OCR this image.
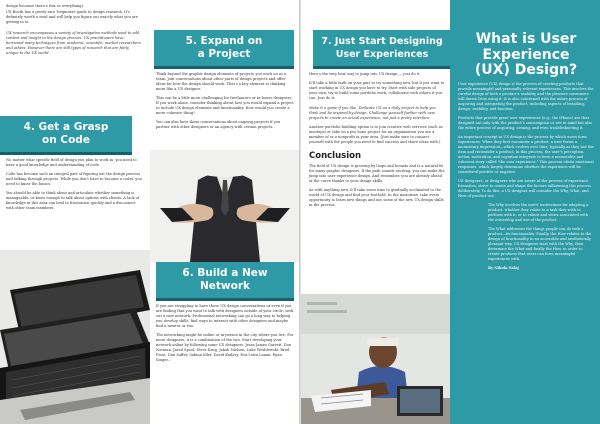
design because there's this so everything).

UX Booth has a pretty nice 'beginners guide to design research. It's definitely worth a read and will help you figure out exactly what you are getting in to.

UX research encompasses a variety of investigative methods used to add context and insight to the design process. UX practitioners have borrowed many techniques from academic, scientific, market researchers and others. However there are still types of research that are fairly unique to the UX world.

4. Get a Grasp
on Code

No matter what specific field of design you plan to work in, you need to have a good knowledge and understanding of code.

Code has become such an integral part of figuring out the design process and talking through projects. While you don't have to become a coder, you need to know the basics.

You should be able to think about and articulate whether something is manageable, or know enough to talk about options with clients. A lack of knowledge in this area can lead to frustration quickly and a disconnect with other team members.

5. Expand on
a Project

Think beyond the graphic design elements of projects you work on as a team. Join conversations about other parts of design projects and offer ideas for how the design should work. That's a key element to thinking more like a UX designer.

This can be a little more challenging for freelancers or in-house designers. If you work alone, consider thinking about how you would expand a project to include UX design elements and functionality. How would you create a more cohesive thing?

You can also have these conversations about ongoing projects if you partner with other designers or an agency with certain projects.

6. Build a New
Network

If you are struggling to have those UX design conversations or even if you are finding that you want to talk with designers outside of your circle, seek out a new network. Professional networking can go a long way to helping you develop skills, find ways to interact with other designers and maybe find a mentor or two.

The networking might be online or in-person in the city where you live. For more designers, it is a combination of the two. Start developing your network online by following some UX designers. Jesse James Garrett, Don Norman, Jared Spool, Steve Krug, Jakob Nielsen, Luke Wroblewski, Brad Frost, Dan Saffer, Sabina Idler, David Kadavy, Eva-Lotta Lamm, Ryan Singer...

7. Just Start Designing
User Experiences

Here's the very best way to jump into UX design — just do it.

It'll take a little faith on your part to try something new, but if you want to start working in UX design you have to try. Start with side projects of your own, try to build some portfolio work, collaborate with others if you can. Just do it.

Make it a game if you like. Dedicate UX an a daily project to help you think and be inspired by design. Challenge yourself further with new projects to create an actual experience, not just a pretty interface.

Another portfolio-building option is to join creative web services (such as meetups) or take on a pro bono project for an organization you are a member of or a nonprofit in your area. (Just make sure to connect yourself with the people you need to find success and share ideas with.)

Conclusion

The field of UX design is growing by leaps and bounds and is a natural fit for many graphic designers. If the path sounds exciting, you can make the jump into user experience design. And remember, you are already ahead of the curve thanks to your design skills.

As with anything new, it'll take some time to gradually acclimated to the world of UX design and find your foothold. In the meantime, take every opportunity to learn new things and use some of the new UX design skills in the process.

What is User
Experience
(UX) Design?

User experience (UX) design is the process of creating products that provide meaningful and personally relevant experiences. This involves the careful design of both a product's usability and the pleasure consumers will derive from using it. It is also concerned with the entire process of acquiring and integrating the product, including aspects of branding, design, usability, and function.

Products that provide great user experiences (e.g., the iPhone) are thus designed not only with the product's consumption or use in mind but also the entire process of acquiring, owning, and even troubleshooting it.

An important concept in UX design is the process by which users form experiences. When they first encounter a product, a user forms a momentary impression—which evolves over time, typically as they use the item and reconsider a product. In this process, the user's perception, action, motivation, and cognition integrate to form a memorable and coherent story called "the user experience." This process elicits emotional responses, which largely determine whether the experience will be considered positive or negative.

UX designers, or designers who are aware of the process of experience formation, strive to create and shape the factors influencing this process deliberately. To do this, a UX designer will consider the Why, What, and How of product use.

The Why involves the users' motivations for adopting a product, whether they relate to a task they wish to perform with it, or to values and views associated with the ownership and use of the product.

The What addresses the things people can do with a product—its functionality. Finally, the How relates to the design of functionality in an accessible and aesthetically pleasant way. UX designers start with the Why, then determine the What and finally the How, in order to create products that users can form meaningful experiences with.

By Nikola Solaj
